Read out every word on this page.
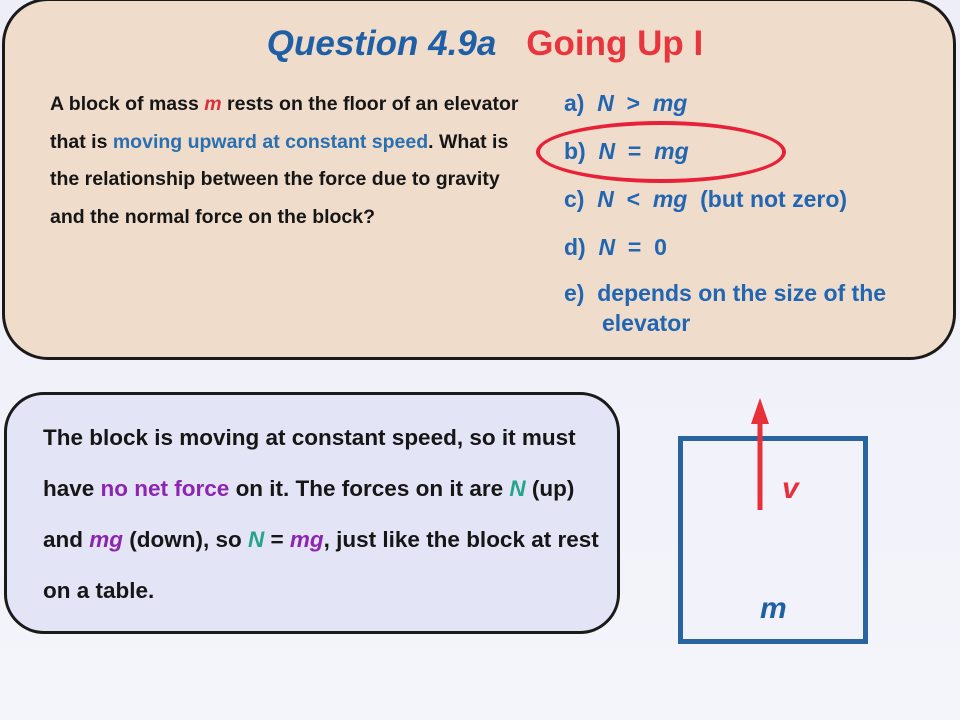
Question 4.9a Going Up I
A block of mass m rests on the floor of an elevator that is moving upward at constant speed. What is the relationship between the force due to gravity and the normal force on the block?
a) N > mg
b) N = mg
c) N < mg (but not zero)
d) N = 0
e) depends on the size of the
elevator
The block is moving at constant speed, so it must have no net force on it. The forces on it are N (up) and mg (down), so N = mg, just like the block at rest on a table.
v
m
